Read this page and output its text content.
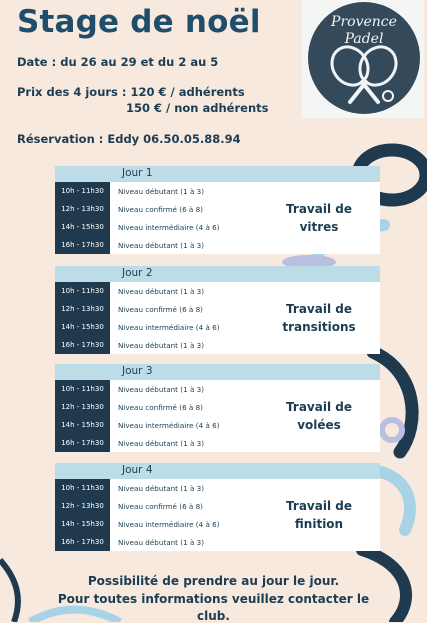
Stage de noël
Date : du 26 au 29 et du 2 au 5
Prix des 4 jours : 120 € / adhérents
150 € / non adhérents
Réservation : Eddy 06.50.05.88.94
Provence
Padel
Jour 1
10h - 11h30	Niveau débutant (1 à 3)
12h - 13h30	Niveau confirmé (6 à 8)
14h - 15h30	Niveau intermédiaire (4 à 6)
16h - 17h30	Niveau débutant (1 à 3)
Travail de
vitres
Jour 2
10h - 11h30	Niveau débutant (1 à 3)
12h - 13h30	Niveau confirmé (6 à 8)
14h - 15h30	Niveau intermédiaire (4 à 6)
16h - 17h30	Niveau débutant (1 à 3)
Travail de
transitions
Jour 3
10h - 11h30	Niveau débutant (1 à 3)
12h - 13h30	Niveau confirmé (6 à 8)
14h - 15h30	Niveau intermédiaire (4 à 6)
16h - 17h30	Niveau débutant (1 à 3)
Travail de
volées
Jour 4
10h - 11h30	Niveau débutant (1 à 3)
12h - 13h30	Niveau confirmé (6 à 8)
14h - 15h30	Niveau intermédiaire (4 à 6)
16h - 17h30	Niveau débutant (1 à 3)
Travail de
finition
Possibilité de prendre au jour le jour.
Pour toutes informations veuillez contacter le
club.
